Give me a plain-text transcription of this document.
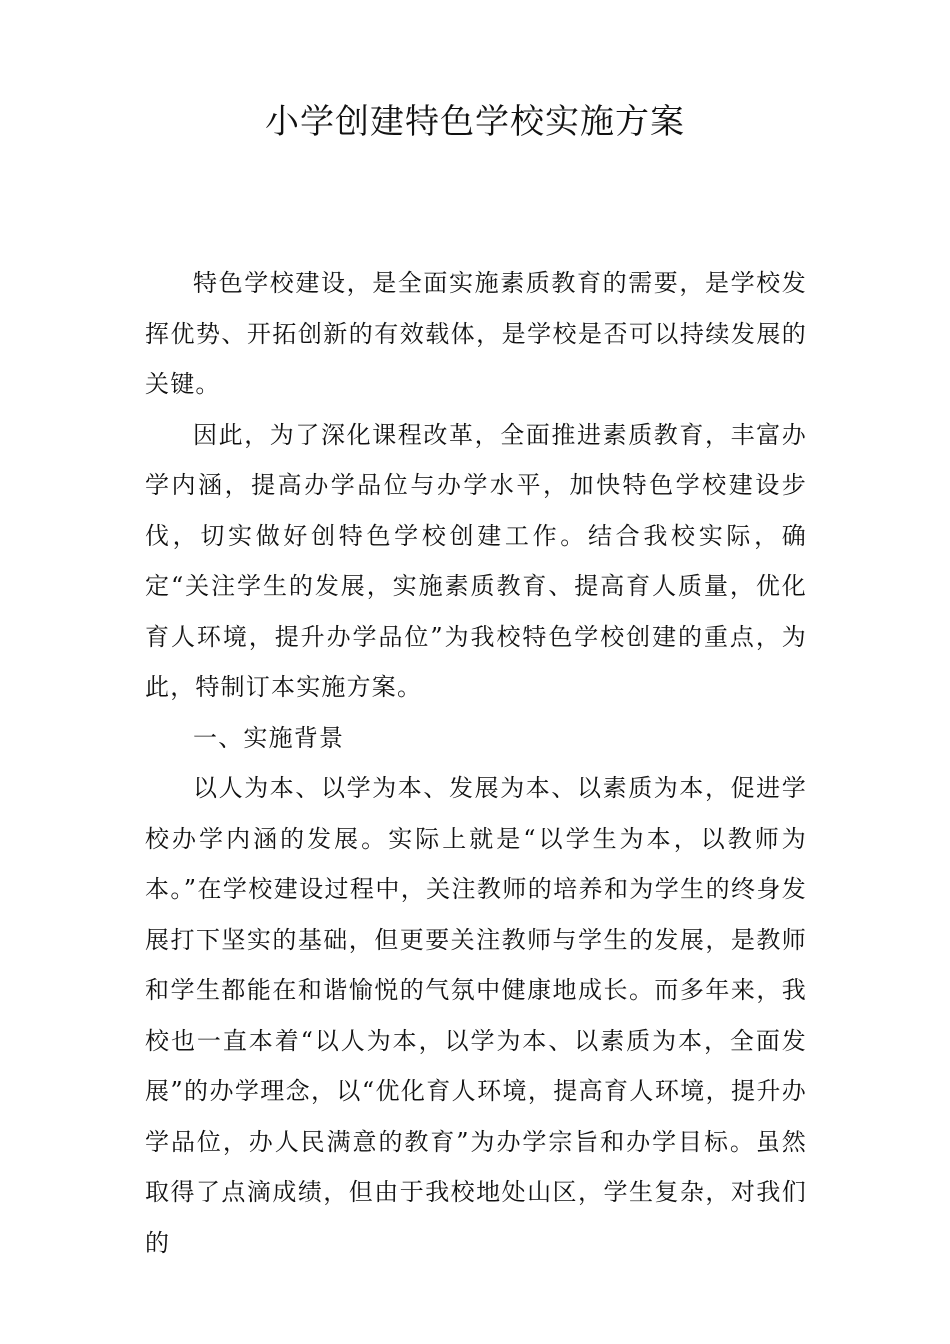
小学创建特色学校实施方案

特色学校建设，是全面实施素质教育的需要，是学校发挥优势、开拓创新的有效载体，是学校是否可以持续发展的关键。

因此，为了深化课程改革，全面推进素质教育，丰富办学内涵，提高办学品位与办学水平，加快特色学校建设步伐，切实做好创特色学校创建工作。结合我校实际，确定“关注学生的发展，实施素质教育、提高育人质量，优化育人环境，提升办学品位”为我校特色学校创建的重点，为此，特制订本实施方案。

一、实施背景

以人为本、以学为本、发展为本、以素质为本，促进学校办学内涵的发展。实际上就是“以学生为本，以教师为本。”在学校建设过程中，关注教师的培养和为学生的终身发展打下坚实的基础，但更要关注教师与学生的发展，是教师和学生都能在和谐愉悦的气氛中健康地成长。而多年来，我校也一直本着“以人为本，以学为本、以素质为本，全面发展”的办学理念，以“优化育人环境，提高育人环境，提升办学品位，办人民满意的教育”为办学宗旨和办学目标。虽然取得了点滴成绩，但由于我校地处山区，学生复杂，对我们的
